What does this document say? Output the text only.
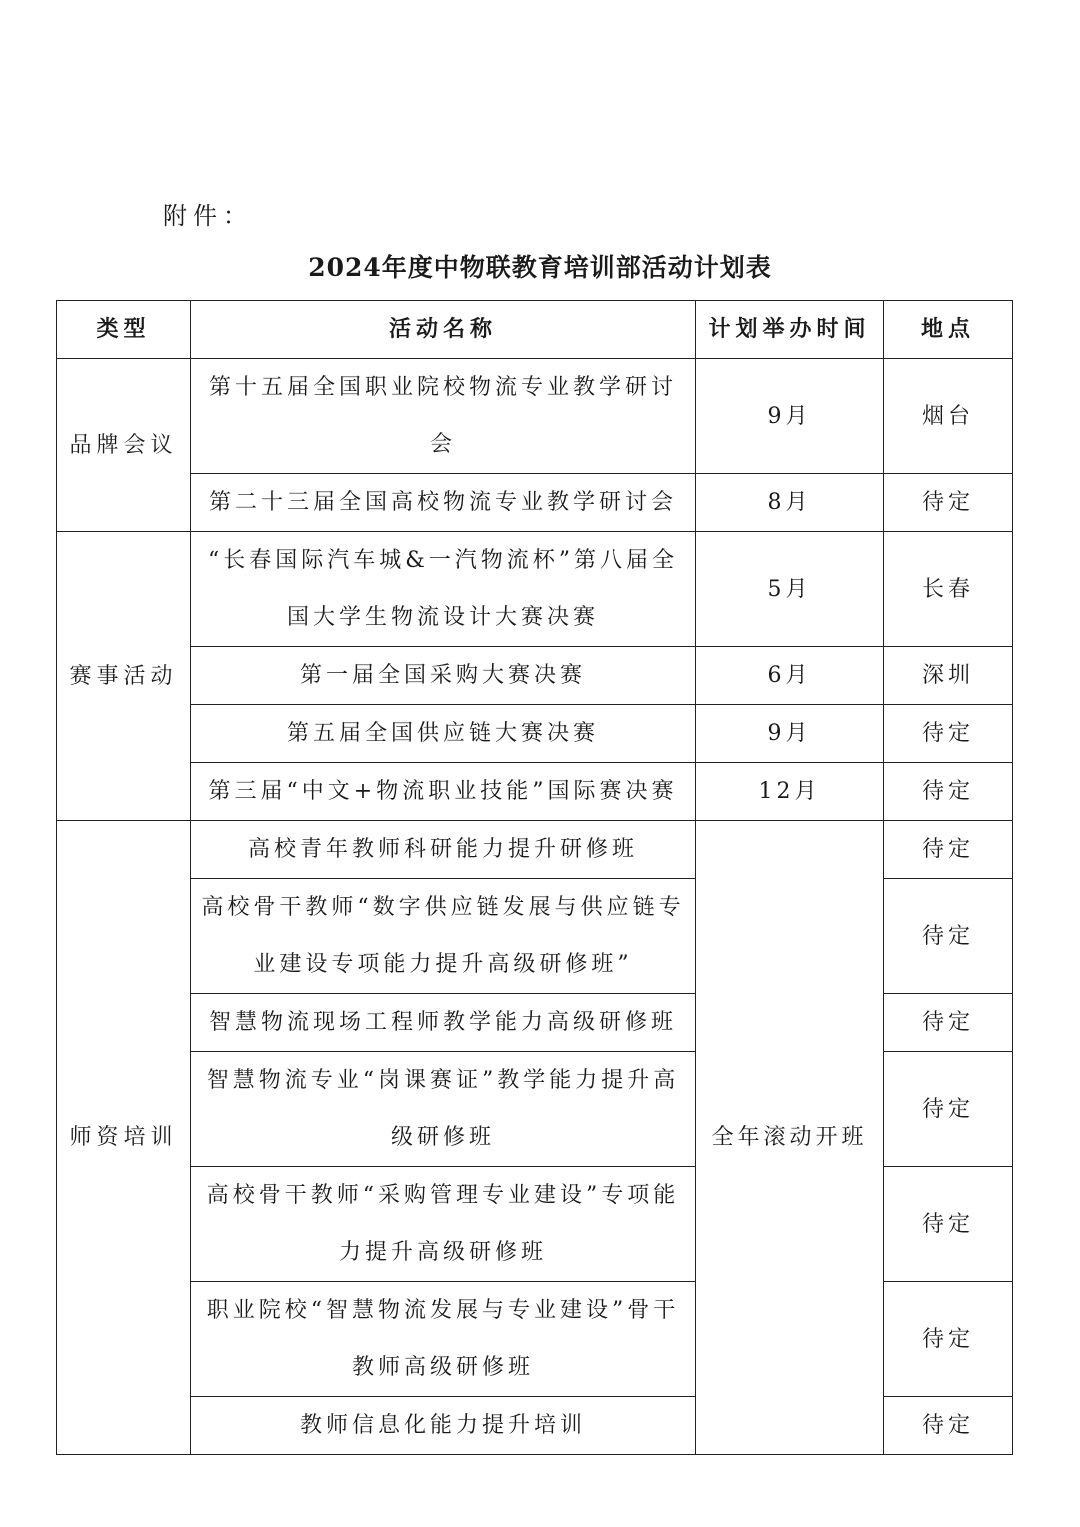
附件：
2024年度中物联教育培训部活动计划表
类型	活动名称	计划举办时间	地点
品牌会议	第十五届全国职业院校物流专业教学研讨会	9月	烟台
	第二十三届全国高校物流专业教学研讨会	8月	待定
赛事活动	“长春国际汽车城&一汽物流杯”第八届全国大学生物流设计大赛决赛	5月	长春
	第一届全国采购大赛决赛	6月	深圳
	第五届全国供应链大赛决赛	9月	待定
	第三届“中文+物流职业技能”国际赛决赛	12月	待定
师资培训	高校青年教师科研能力提升研修班	全年滚动开班	待定
	高校骨干教师“数字供应链发展与供应链专业建设专项能力提升高级研修班”		待定
	智慧物流现场工程师教学能力高级研修班		待定
	智慧物流专业“岗课赛证”教学能力提升高级研修班		待定
	高校骨干教师“采购管理专业建设”专项能力提升高级研修班		待定
	职业院校“智慧物流发展与专业建设”骨干教师高级研修班		待定
	教师信息化能力提升培训		待定
